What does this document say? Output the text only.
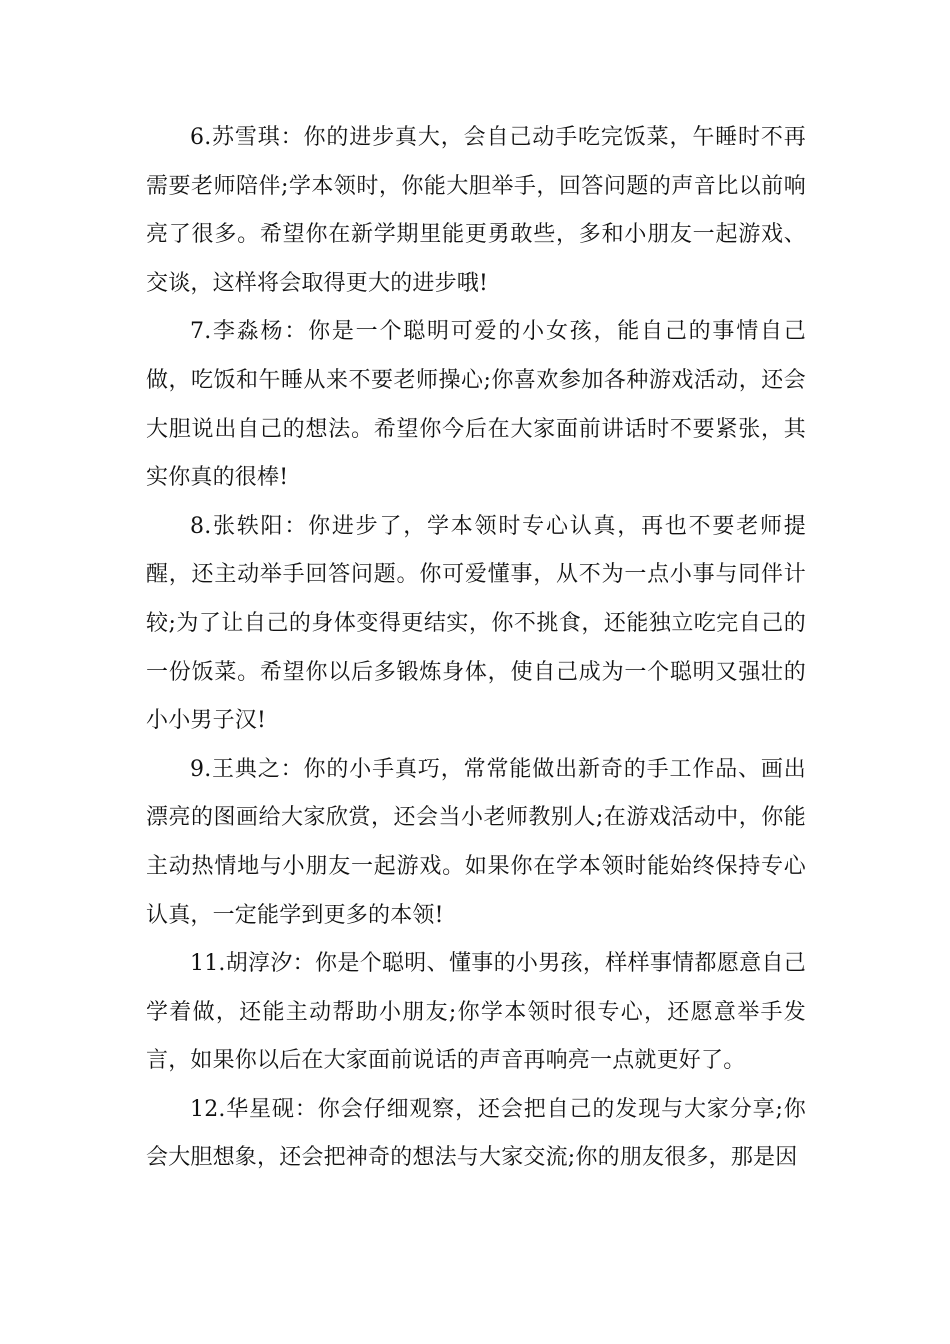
6.苏雪琪：你的进步真大，会自己动手吃完饭菜，午睡时不再需要老师陪伴;学本领时，你能大胆举手，回答问题的声音比以前响亮了很多。希望你在新学期里能更勇敢些，多和小朋友一起游戏、交谈，这样将会取得更大的进步哦!

7.李淼杨：你是一个聪明可爱的小女孩，能自己的事情自己做，吃饭和午睡从来不要老师操心;你喜欢参加各种游戏活动，还会大胆说出自己的想法。希望你今后在大家面前讲话时不要紧张，其实你真的很棒!

8.张轶阳：你进步了，学本领时专心认真，再也不要老师提醒，还主动举手回答问题。你可爱懂事，从不为一点小事与同伴计较;为了让自己的身体变得更结实，你不挑食，还能独立吃完自己的一份饭菜。希望你以后多锻炼身体，使自己成为一个聪明又强壮的小小男子汉!

9.王典之：你的小手真巧，常常能做出新奇的手工作品、画出漂亮的图画给大家欣赏，还会当小老师教别人;在游戏活动中，你能主动热情地与小朋友一起游戏。如果你在学本领时能始终保持专心认真，一定能学到更多的本领!

11.胡淳汐：你是个聪明、懂事的小男孩，样样事情都愿意自己学着做，还能主动帮助小朋友;你学本领时很专心，还愿意举手发言，如果你以后在大家面前说话的声音再响亮一点就更好了。

12.华星砚：你会仔细观察，还会把自己的发现与大家分享;你会大胆想象，还会把神奇的想法与大家交流;你的朋友很多，那是因
